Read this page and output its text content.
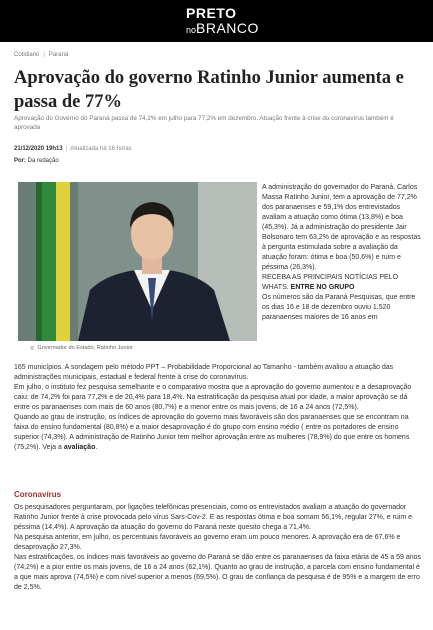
PRETO
noBRANCO
Cotidiano | Paraná
Aprovação do governo Ratinho Junior aumenta e passa de 77%
Aprovação do Governo do Paraná passa de 74,2% em julho para 77,2% em dezembro. Atuação frente à crise do coronavírus também é aprovada
21/12/2020 19h13 | Atualizada há 16 horas
Por: Da redação
◎ Governador do Estado, Ratinho Junior

A administração do governador do Paraná, Carlos Massa Ratinho Junior, tem a aprovação de 77,2% dos paranaenses e 59,1% dos entrevistados avaliam a atuação como ótima (13,8%) e boa (45,3%). Já a administração do presidente Jair Bolsonaro tem 63,2% de aprovação e as respostas à pergunta estimulada sobre a avaliação da atuação foram: ótima e boa (50,6%) e ruim e péssima (26,3%).

RECEBA AS PRINCIPAIS NOTÍCIAS PELO WHATS. ENTRE NO GRUPO

Os números são da Paraná Pesquisas, que entre os dias 16 e 18 de dezembro ouviu 1.520 paranaenses maiores de 16 anos em

165 municípios. A sondagem pelo método PPT – Probabilidade Proporcional ao Tamanho - também avaliou a atuação das administrações municipais, estadual e federal frente à crise do coronavírus.

Em julho, o instituto fez pesquisa semelhante e o comparativo mostra que a aprovação do governo aumentou e a desaprovação caiu: de 74,2% foi para 77,2% e de 20,4% para 18,4%. Na estratificação da pesquisa atual por idade, a maior aprovação se dá entre os paranaenses com mais de 60 anos (80,7%) e a menor entre os mais jovens, de 16 a 24 anos (72,5%).

Quando ao grau de instrução, os índices de aprovação do governo mais favoráveis são dos paranaenses que se encontram na faixa do ensino fundamental (80,8%) e a maior desaprovação é do grupo com ensino médio ( entre os portadores de ensino superior (74,3%). A administração de Ratinho Junior tem melhor aprovação entre as mulheres (78,9%) do que entre os homens (75,2%). Veja a avaliação.

Coronavírus

Os pesquisadores perguntaram, por ligações telefônicas presenciais, como os entrevistados avaliam a atuação do governador Ratinho Junior frente à crise provocada pelo vírus Sars-Cov-2. E as respostas ótima e boa somam 56,1%, regular 27%, e ruim e péssima (14,4%). A aprovação da atuação do governo do Paraná neste quesito chega a 71,4%.

Na pesquisa anterior, em julho, os percentuais favoráveis ao governo eram um pouco menores. A aprovação era de 67,6% e desaprovação 27,3%.

Nas estratificações, os índices mais favoráveis ao governo do Paraná se dão entre os paranaenses da faixa etária de 45 a 59 anos (74,2%) e a pior entre os mais jovens, de 16 a 24 anos (62,1%). Quanto ao grau de instrução, a parcela com ensino fundamental é a que mais aprova (74,5%) e com nível superior a menos (69,5%). O grau de confiança da pesquisa é de 95% e a margem de erro de 2,5%.
